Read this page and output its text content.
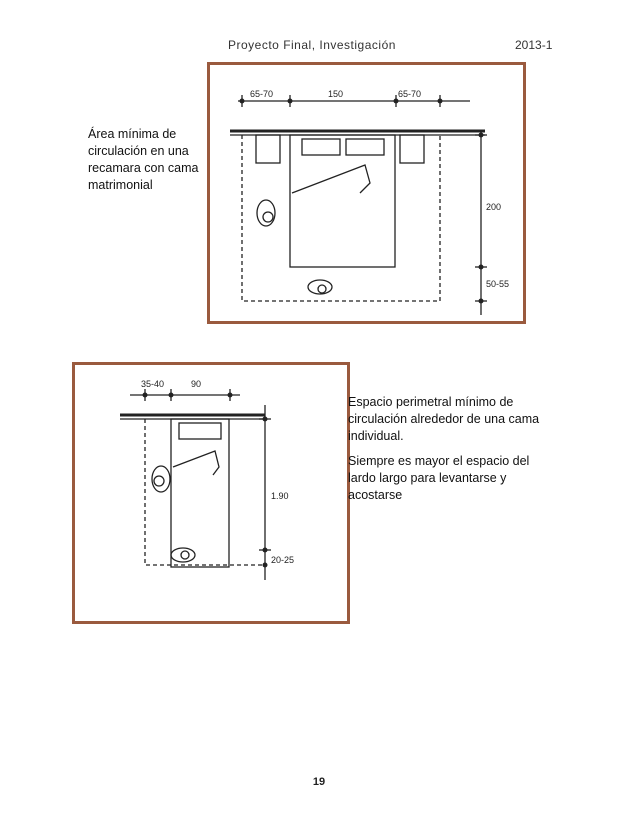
Proyecto Final, Investigación	2013-1
65-70	150	65-70
200
50-55
Área mínima de circulación en una recamara con cama matrimonial
35-40	90
1.90
20-25
Espacio perimetral mínimo de circulación alrededor de una cama individual.
Siempre es mayor el espacio del lardo largo para levantarse y acostarse
19
